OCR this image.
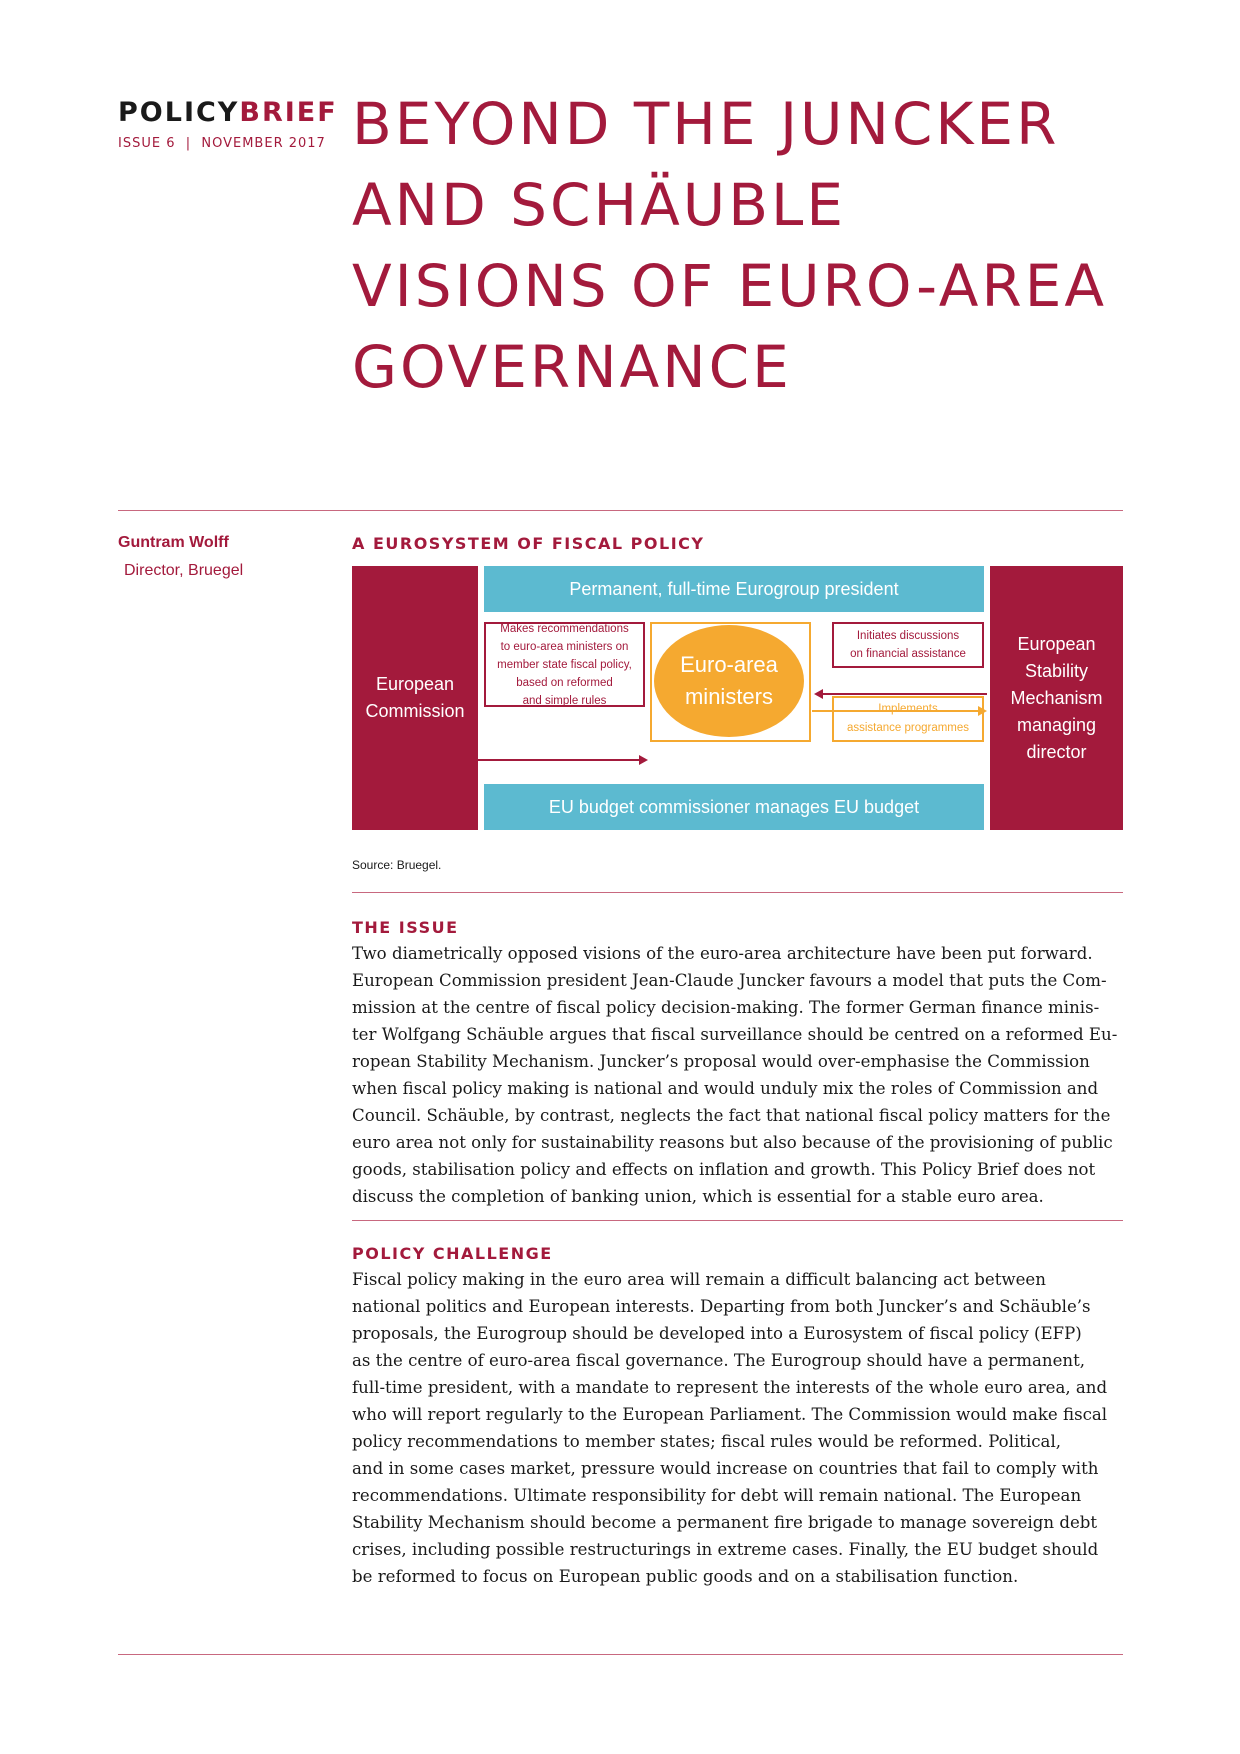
POLICYBRIEF
ISSUE 6  |  NOVEMBER 2017 BEYOND THE JUNCKER
AND SCHÄUBLE
VISIONS OF EURO-AREA
GOVERNANCE
Guntram Wolff
Director, Bruegel
A EUROSYSTEM OF FISCAL POLICY
European
Commission
European
Stability
Mechanism
managing
director
Permanent, full-time Eurogroup president
EU budget commissioner manages EU budget
Makes recommendations
to euro-area ministers on
member state fiscal policy,
based on reformed
and simple rules
Euro-area
ministers
Initiates discussions
on financial assistance
Implements
assistance programmes
Source: Bruegel.
THE ISSUE
Two diametrically opposed visions of the euro-area architecture have been put forward.
European Commission president Jean-Claude Juncker favours a model that puts the Com-
mission at the centre of fiscal policy decision-making. The former German finance minis-
ter Wolfgang Schäuble argues that fiscal surveillance should be centred on a reformed Eu-
ropean Stability Mechanism. Juncker’s proposal would over-emphasise the Commission
when fiscal policy making is national and would unduly mix the roles of Commission and
Council. Schäuble, by contrast, neglects the fact that national fiscal policy matters for the
euro area not only for sustainability reasons but also because of the provisioning of public
goods, stabilisation policy and effects on inflation and growth. This Policy Brief does not
discuss the completion of banking union, which is essential for a stable euro area.
POLICY CHALLENGE
Fiscal policy making in the euro area will remain a difficult balancing act between
national politics and European interests. Departing from both Juncker’s and Schäuble’s
proposals, the Eurogroup should be developed into a Eurosystem of fiscal policy (EFP)
as the centre of euro-area fiscal governance. The Eurogroup should have a permanent,
full-time president, with a mandate to represent the interests of the whole euro area, and
who will report regularly to the European Parliament. The Commission would make fiscal
policy recommendations to member states; fiscal rules would be reformed. Political,
and in some cases market, pressure would increase on countries that fail to comply with
recommendations. Ultimate responsibility for debt will remain national. The European
Stability Mechanism should become a permanent fire brigade to manage sovereign debt
crises, including possible restructurings in extreme cases. Finally, the EU budget should
be reformed to focus on European public goods and on a stabilisation function.
